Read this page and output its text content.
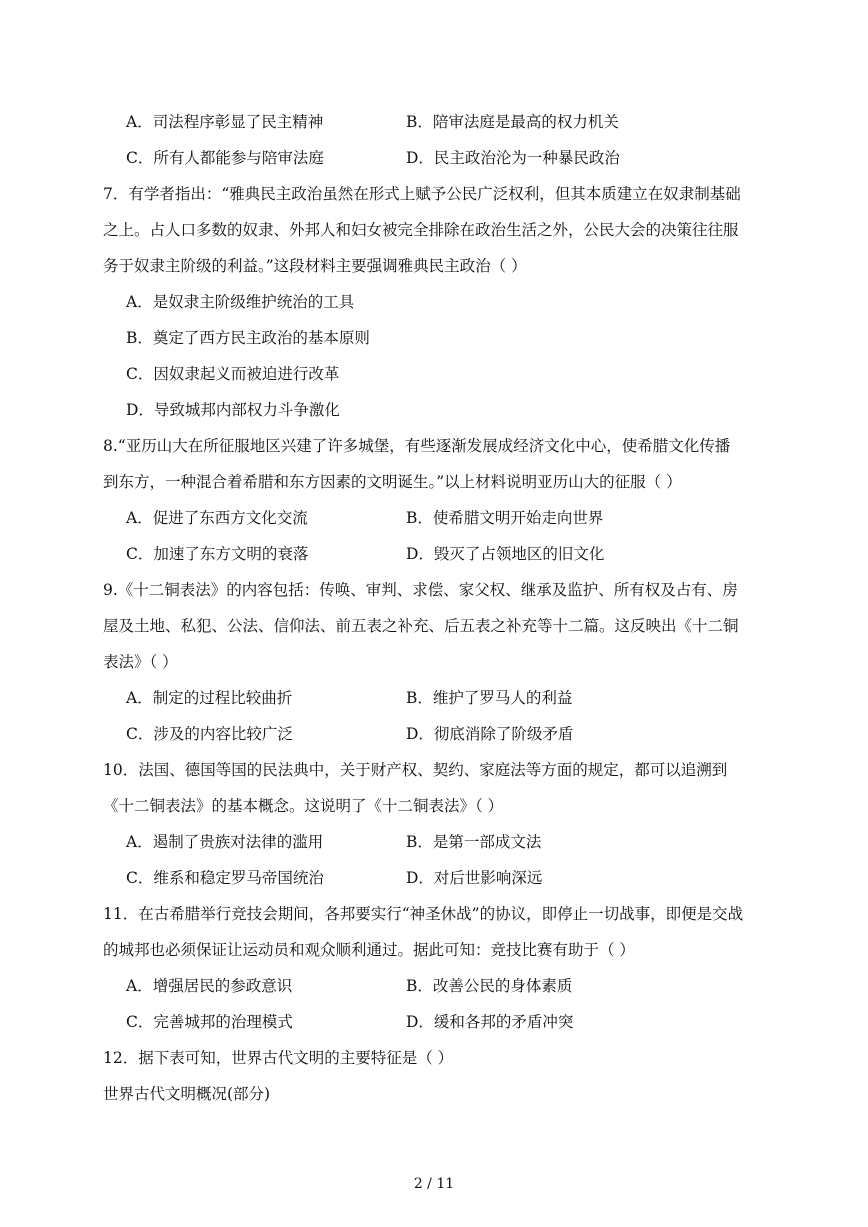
A．司法程序彰显了民主精神	B．陪审法庭是最高的权力机关
C．所有人都能参与陪审法庭	D．民主政治沦为一种暴民政治
7．有学者指出：“雅典民主政治虽然在形式上赋予公民广泛权利，但其本质建立在奴隶制基础
之上。占人口多数的奴隶、外邦人和妇女被完全排除在政治生活之外，公民大会的决策往往服
务于奴隶主阶级的利益。”这段材料主要强调雅典民主政治（ ）
A．是奴隶主阶级维护统治的工具
B．奠定了西方民主政治的基本原则
C．因奴隶起义而被迫进行改革
D．导致城邦内部权力斗争激化
8.“亚历山大在所征服地区兴建了许多城堡，有些逐渐发展成经济文化中心，使希腊文化传播
到东方，一种混合着希腊和东方因素的文明诞生。”以上材料说明亚历山大的征服（ ）
A．促进了东西方文化交流	B．使希腊文明开始走向世界
C．加速了东方文明的衰落	D．毁灭了占领地区的旧文化
9.《十二铜表法》的内容包括：传唤、审判、求偿、家父权、继承及监护、所有权及占有、房
屋及土地、私犯、公法、信仰法、前五表之补充、后五表之补充等十二篇。这反映出《十二铜
表法》（ ）
A．制定的过程比较曲折	B．维护了罗马人的利益
C．涉及的内容比较广泛	D．彻底消除了阶级矛盾
10．法国、德国等国的民法典中，关于财产权、契约、家庭法等方面的规定，都可以追溯到
《十二铜表法》的基本概念。这说明了《十二铜表法》（ ）
A．遏制了贵族对法律的滥用	B．是第一部成文法
C．维系和稳定罗马帝国统治	D．对后世影响深远
11．在古希腊举行竞技会期间，各邦要实行“神圣休战”的协议，即停止一切战事，即便是交战
的城邦也必须保证让运动员和观众顺利通过。据此可知：竞技比赛有助于（ ）
A．增强居民的参政意识	B．改善公民的身体素质
C．完善城邦的治理模式	D．缓和各邦的矛盾冲突
12．据下表可知，世界古代文明的主要特征是（ ）
世界古代文明概况(部分)
2 / 11
